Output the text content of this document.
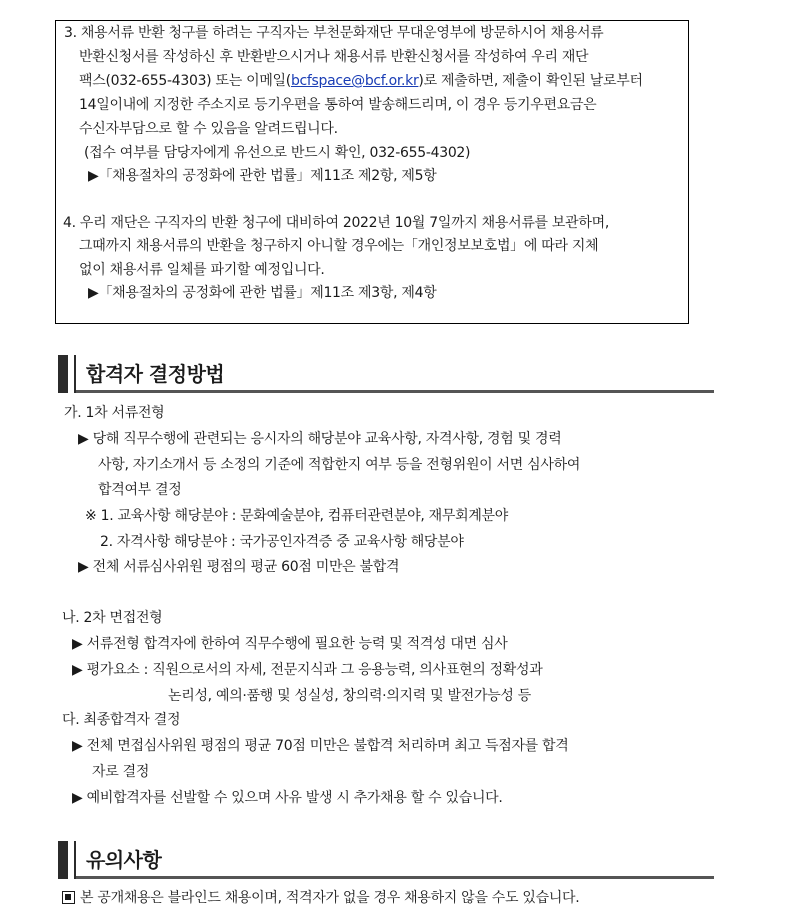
3. 채용서류 반환 청구를 하려는 구직자는 부천문화재단 무대운영부에 방문하시어 채용서류
반환신청서를 작성하신 후 반환받으시거나 채용서류 반환신청서를 작성하여 우리 재단
팩스(032-655-4303) 또는 이메일(bcfspace@bcf.or.kr)로 제출하면, 제출이 확인된 날로부터
14일이내에 지정한 주소지로 등기우편을 통하여 발송해드리며, 이 경우 등기우편요금은
수신자부담으로 할 수 있음을 알려드립니다.
(접수 여부를 담당자에게 유선으로 반드시 확인, 032-655-4302)
▶「채용절차의 공정화에 관한 법률」제11조 제2항, 제5항
4. 우리 재단은 구직자의 반환 청구에 대비하여 2022년 10월 7일까지 채용서류를 보관하며,
그때까지 채용서류의 반환을 청구하지 아니할 경우에는「개인정보보호법」에 따라 지체
없이 채용서류 일체를 파기할 예정입니다.
▶「채용절차의 공정화에 관한 법률」제11조 제3항, 제4항
합격자 결정방법
가. 1차 서류전형
▶ 당해 직무수행에 관련되는 응시자의 해당분야 교육사항, 자격사항, 경험 및 경력
사항, 자기소개서 등 소정의 기준에 적합한지 여부 등을 전형위원이 서면 심사하여
합격여부 결정
※ 1. 교육사항 해당분야 : 문화예술분야, 컴퓨터관련분야, 재무회계분야
2. 자격사항 해당분야 : 국가공인자격증 중 교육사항 해당분야
▶ 전체 서류심사위원 평점의 평균 60점 미만은 불합격
나. 2차 면접전형
▶ 서류전형 합격자에 한하여 직무수행에 필요한 능력 및 적격성 대면 심사
▶ 평가요소 : 직원으로서의 자세, 전문지식과 그 응용능력, 의사표현의 정확성과
논리성, 예의·품행 및 성실성, 창의력·의지력 및 발전가능성 등
다. 최종합격자 결정
▶ 전체 면접심사위원 평점의 평균 70점 미만은 불합격 처리하며 최고 득점자를 합격
자로 결정
▶ 예비합격자를 선발할 수 있으며 사유 발생 시 추가채용 할 수 있습니다.
유의사항
본 공개채용은 블라인드 채용이며, 적격자가 없을 경우 채용하지 않을 수도 있습니다.
